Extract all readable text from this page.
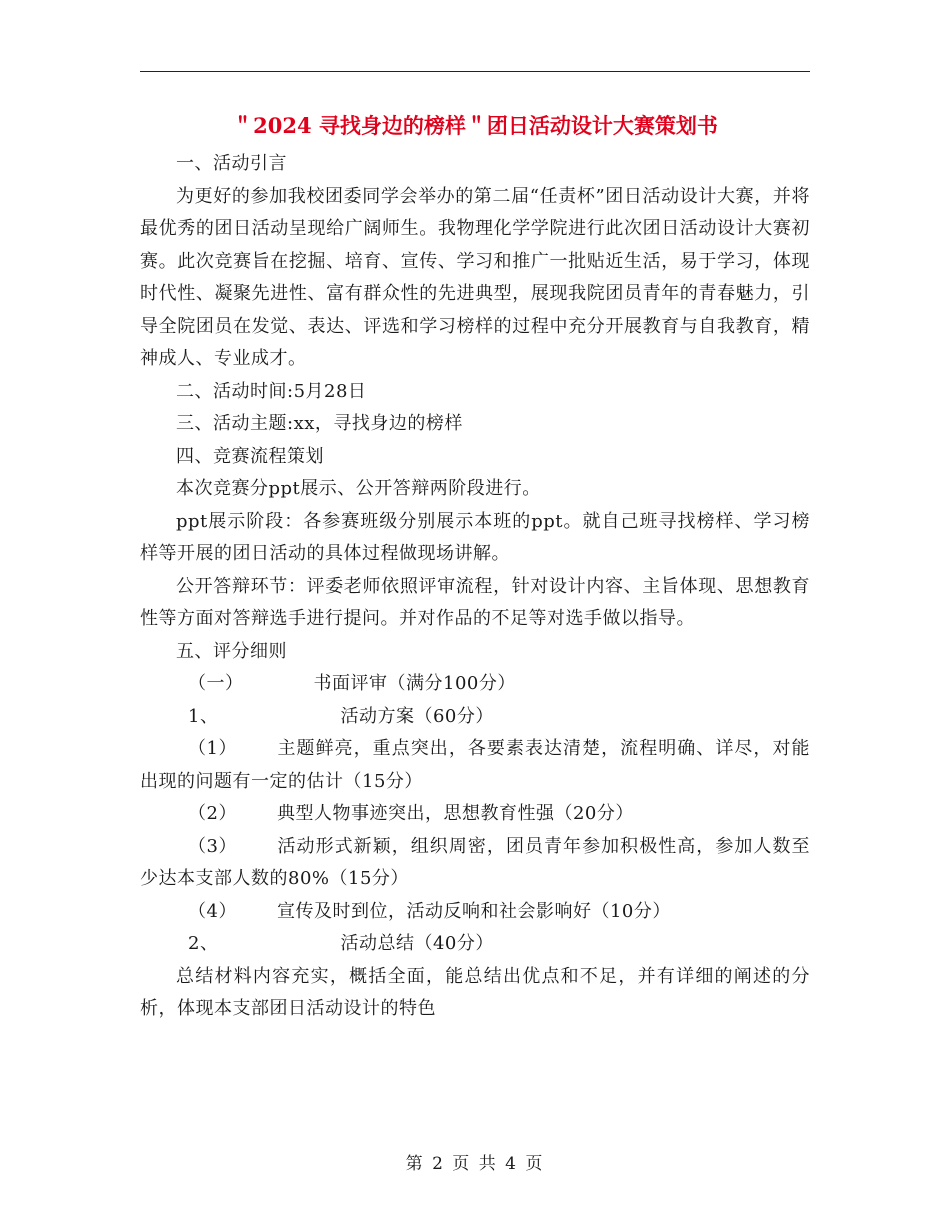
＂2024 寻找身边的榜样＂团日活动设计大赛策划书

一、活动引言

为更好的参加我校团委同学会举办的第二届“任责杯”团日活动设计大赛，并将最优秀的团日活动呈现给广阔师生。我物理化学学院进行此次团日活动设计大赛初赛。此次竞赛旨在挖掘、培育、宣传、学习和推广一批贴近生活，易于学习，体现时代性、凝聚先进性、富有群众性的先进典型，展现我院团员青年的青春魅力，引导全院团员在发觉、表达、评选和学习榜样的过程中充分开展教育与自我教育，精神成人、专业成才。

二、活动时间:5月28日

三、活动主题:xx，寻找身边的榜样

四、竞赛流程策划

本次竞赛分ppt展示、公开答辩两阶段进行。

ppt展示阶段：各参赛班级分别展示本班的ppt。就自己班寻找榜样、学习榜样等开展的团日活动的具体过程做现场讲解。

公开答辩环节：评委老师依照评审流程，针对设计内容、主旨体现、思想教育性等方面对答辩选手进行提问。并对作品的不足等对选手做以指导。

五、评分细则

（一）	书面评审（满分100分）

1、	活动方案（60分）

（1） 主题鲜亮，重点突出，各要素表达清楚，流程明确、详尽，对能出现的问题有一定的估计（15分）

（2） 典型人物事迹突出，思想教育性强（20分）

（3） 活动形式新颖，组织周密，团员青年参加积极性高，参加人数至少达本支部人数的80%（15分）

（4） 宣传及时到位，活动反响和社会影响好（10分）

2、	活动总结（40分）

总结材料内容充实，概括全面，能总结出优点和不足，并有详细的阐述的分析，体现本支部团日活动设计的特色

第 2 页 共 4 页
